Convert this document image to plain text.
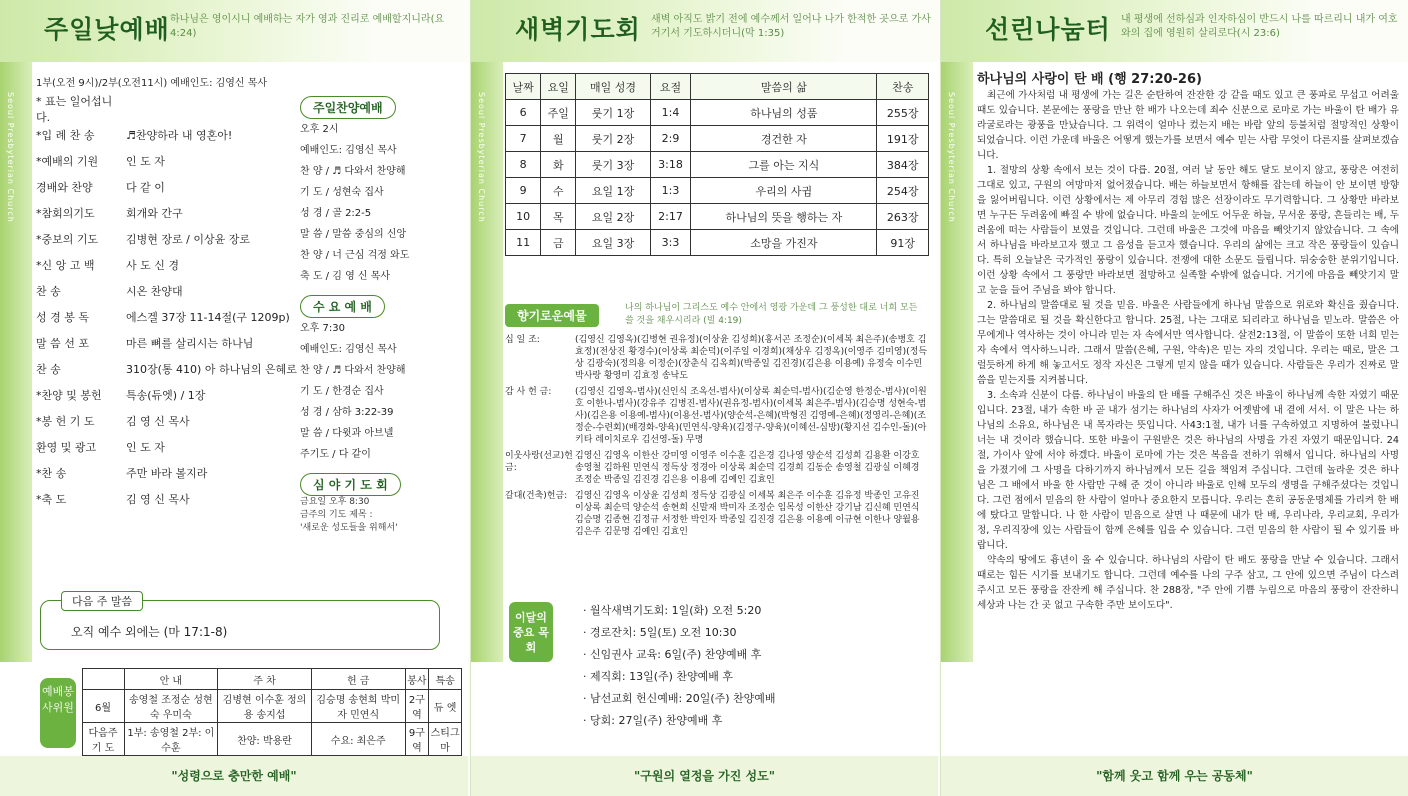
주일낮예배 하나님은 영이시니 예배하는 자가 영과 진리로 예배할지니라(요 4:24)
Seoul Presbyterian Church
1부(오전 9시)/2부(오전11시) 예배인도: 김영신 목사
* 표는 일어섭니다.
*입 례 찬 송	♬찬양하라 내 영혼아!
*예배의 기원	인 도 자
경배와 찬양	다 같 이
*참회의기도	회개와 간구
*중보의 기도	김병현 장로 / 이상윤 장로
*신 앙 고 백	사 도 신 경
찬 송	시온 찬양대
성 경 봉 독	에스겔 37장 11-14절(구 1209p)
말 씀 선 포	마른 뼈를 살리시는 하나님
찬 송	310장(통 410) 아 하나님의 은혜로
*찬양 및 봉헌	특송(듀엣) / 1장
*봉 헌 기 도	김 영 신 목사
환영 및 광고	인 도 자
*찬 송	주만 바라 볼지라
*축 도	김 영 신 목사
주일찬양예배
오후 2시
예배인도: 김영신 목사
찬 양 / ♬ 다와서 찬양해
기 도 / 성현숙 집사
성 경 / 골 2:2-5
말 씀 / 말씀 중심의 신앙
찬 양 / 너 근심 걱정 와도
축 도 / 김 영 신 목사
수 요 예 배
오후 7:30
예배인도: 김영신 목사
찬 양 / ♬ 다와서 찬양해
기 도 / 한경순 집사
성 경 / 삼하 3:22-39
말 씀 / 다윗과 아브넬
주기도 / 다 같이
심 야 기 도 회
금요일 오후 8:30
금주의 기도 제목 :
'새로운 성도들을 위해서'
다음 주 말씀
오직 예수 외에는 (마 17:1-8)
		안 내	주 차	헌 금	봉사	특송
	6월	송영철 조정순 성현숙 우미숙	김병현 이수훈 정의용 송지섭	김승명 송현희 박미자 민연식	2구역	듀 엣
	다음주 기 도	1부: 송영철 2부: 이수훈	찬양: 박용란	수요: 최은주	9구역	스티그마
예배봉사위원
"성령으로 충만한 예배"
새벽기도회 새벽 아직도 밝기 전에 예수께서 일어나 나가 한적한 곳으로 가사 거기서 기도하시더니(막 1:35)
Seoul Presbyterian Church
날짜	요일	매일 성경	요절	말씀의 삶	찬송
6	주일	룻기 1장	1:4	하나님의 성품	255장
7	월	룻기 2장	2:9	경건한 자	191장
8	화	룻기 3장	3:18	그를 아는 지식	384장
9	수	요일 1장	1:3	우리의 사귐	254장
10	목	요일 2장	2:17	하나님의 뜻을 행하는 자	263장
11	금	요일 3장	3:3	소망을 가진자	91장
향기로운예물
나의 하나님이 그리스도 예수 안에서 영광 가운데 그 풍성한 대로 너희 모든 쓸 것을 채우시리라 (빌 4:19)
십 일 조:	(김영신 김영옥)(김병현 권유정)(이상윤 김성희)(홍서곤 조정순)(이세복 최은주)(송병호 김효정)(전상진 황경수)(이상록 최순덕)(이주일 이경희)(채상우 김정옥)(이영주 김미영)(정득상 김광숙)(정의용 이정순)(장춘식 김옥희)(박종일 김진경)(김은용 이용예) 유정숙 이수민 박사랑 황영미 김효정 송낙도
감 사 헌 금:	(김영신 김영옥-범사)(신인식 조옥선-범사)(이상록 최순덕-범사)(김순영 한정순-범사)(이원호 이한나-범사)(강유주 김병진-범사)(권유정-범사)(이세복 최은주-범사)(김승명 성현숙-범사)(김은용 이용예-범사)(이용선-범사)(양순석-은혜)(박형진 김영예-은혜)(정영리-은혜)(조정순-수련회)(배경화-양육)(민연식-양육)(김정구-양육)(이혜선-심방)(황지선 김수인-돌)(아키타 레이치로우 김선영-돌) 무명
이웃사랑(선교)헌금:
김영신 김영옥 이한산 강미영 이영주 이수훈 김은경 김나영 양순석 김성희 김용환 이강호 송영철 김하원 민연식 정득상 정경아 이상록 최순덕 김경희 김동순 송영철 김광실 이혜경 조정순 박종일 김진경 김은용 이용예 김예인 김효인
갈대(건축)헌금: 김영신 김영옥 이상윤 김성희 정득상 김광실 이세복 최은주 이수훈 김유정 박종인 고유진 이상록 최순덕 양순석 송현희 신말재 박미자 조정순 임목성 이한산 강기남 김신혜 민연식 김승명 김종현 김정규 서정한 박인자 박종일 김진경 김은용 이용예 이규현 이한나 양월용 김은주 김문명 김예인 김효인
이달의 중요 목회
· 월삭새벽기도회: 1일(화) 오전 5:20
· 경로잔치: 5일(토) 오전 10:30
· 신임권사 교육: 6일(주) 찬양예배 후
· 제직회: 13일(주) 찬양예배 후
· 남선교회 헌신예배: 20일(주) 찬양예배
· 당회: 27일(주) 찬양예배 후
"구원의 열정을 가진 성도"
선린나눔터 내 평생에 선하심과 인자하심이 반드시 나를 따르리니 내가 여호와의 집에 영원히 살리로다(시 23:6)
Seoul Presbyterian Church
하나님의 사랑이 탄 배 (행 27:20-26)

최근에 가사처럼 내 평생에 가는 길은 순탄하여 잔잔한 강 같을 때도 있고 큰 풍파로 무섭고 어려울 때도 있습니다. 본문에는 풍랑을 만난 한 배가 나오는데 죄수 신분으로 로마로 가는 바울이 탄 배가 유라굴로라는 광풍을 만났습니다. 그 위력이 얼마나 컸는지 배는 바람 앞의 등불처럼 절망적인 상황이 되었습니다. 이런 가운데 바울은 어떻게 했는가를 보면서 예수 믿는 사람 무엇이 다른지를 살펴보겠습니다.

1. 절망의 상황 속에서 보는 것이 다릅. 20절, 여러 날 동안 해도 달도 보이지 않고, 풍랑은 여전히 그대로 있고, 구원의 여망마저 없어졌습니다. 배는 하늘보면서 항해를 잡는데 하늘이 안 보이면 방향을 잃어버립니다. 이런 상황에서는 제 아무리 경험 많은 선장이라도 무기력합니다. 그 상황만 바라보면 누구든 두려움에 빠질 수 밖에 없습니다. 바울의 눈에도 어두운 하늘, 무서운 풍랑, 흔들리는 배, 두려움에 떠는 사람들이 보였을 것입니다. 그런데 바울은 그것에 마음을 빼앗기지 않았습니다. 그 속에서 하나님을 바라보고자 했고 그 음성을 듣고자 했습니다. 우리의 삶에는 크고 작은 풍랑들이 있습니다. 특히 오늘날은 국가적인 풍랑이 있습니다. 전쟁에 대한 소문도 들립니다. 뒤숭숭한 분위기입니다. 이런 상황 속에서 그 풍랑만 바라보면 절망하고 실족할 수밖에 없습니다. 거기에 마음을 빼앗기지 말고 눈을 들어 주님을 봐야 합니다.

2. 하나님의 말씀대로 될 것을 믿음. 바울은 사람들에게 하나님 말씀으로 위로와 확신을 줬습니다. 그는 말씀대로 될 것을 확신한다고 합니다. 25절, 나는 그대로 되리라고 하나님을 믿노라. 말씀은 아무에게나 역사하는 것이 아니라 믿는 자 속에서만 역사합니다. 살전2:13절, 이 말씀이 또한 너희 믿는 자 속에서 역사하느니라. 그래서 말씀(은혜, 구원, 약속)은 믿는 자의 것입니다. 우리는 때로, 말은 그럴듯하게 하게 해 놓고서도 정작 자신은 그렇게 믿지 않을 때가 있습니다. 사람들은 우리가 진짜로 말씀을 믿는지를 지켜봅니다.

3. 소속과 신분이 다름. 하나님이 바울의 탄 배를 구해주신 것은 바울이 하나님께 속한 자였기 때문입니다. 23절, 내가 속한 바 곧 내가 섬기는 하나님의 사자가 어젯밤에 내 곁에 서서. 이 말은 나는 하나님의 소유요, 하나님은 내 목자라는 뜻입니다. 사43:1절, 내가 너를 구속하였고 지명하여 불렀나니 너는 내 것이라 했습니다. 또한 바울이 구원받은 것은 하나님의 사명을 가진 자였기 때문입니다. 24절, 가이사 앞에 서야 하겠다. 바울이 로마에 가는 것은 복음을 전하기 위해서 입니다. 하나님의 사명을 가졌기에 그 사명을 다하기까지 하나님께서 모든 길을 책임져 주십니다. 그런데 놀라운 것은 하나님은 그 배에서 바울 한 사람만 구해 준 것이 아니라 바울로 인해 모두의 생명을 구해주셨다는 것입니다. 그런 점에서 믿음의 한 사람이 얼마나 중요한지 모릅니다. 우리는 흔히 공동운명체를 가리켜 한 배에 탔다고 말합니다. 나 한 사람이 믿음으로 살면 나 때문에 내가 탄 배, 우리나라, 우리교회, 우리가정, 우리직장에 있는 사람들이 함께 은혜를 입을 수 있습니다. 그런 믿음의 한 사람이 될 수 있기를 바랍니다.

약속의 땅에도 흉년이 올 수 있습니다. 하나님의 사람이 탄 배도 풍랑을 만날 수 있습니다. 그래서 때로는 힘든 시기를 보내기도 합니다. 그런데 예수를 나의 구주 삼고, 그 안에 있으면 주님이 다스려 주시고 모든 풍랑을 잔잔케 해 주십니다. 찬 288장, "주 안에 기쁨 누림으로 마음의 풍랑이 잔잔하니 세상과 나는 간 곳 없고 구속한 주만 보이도다".

"함께 웃고 함께 우는 공동체"
